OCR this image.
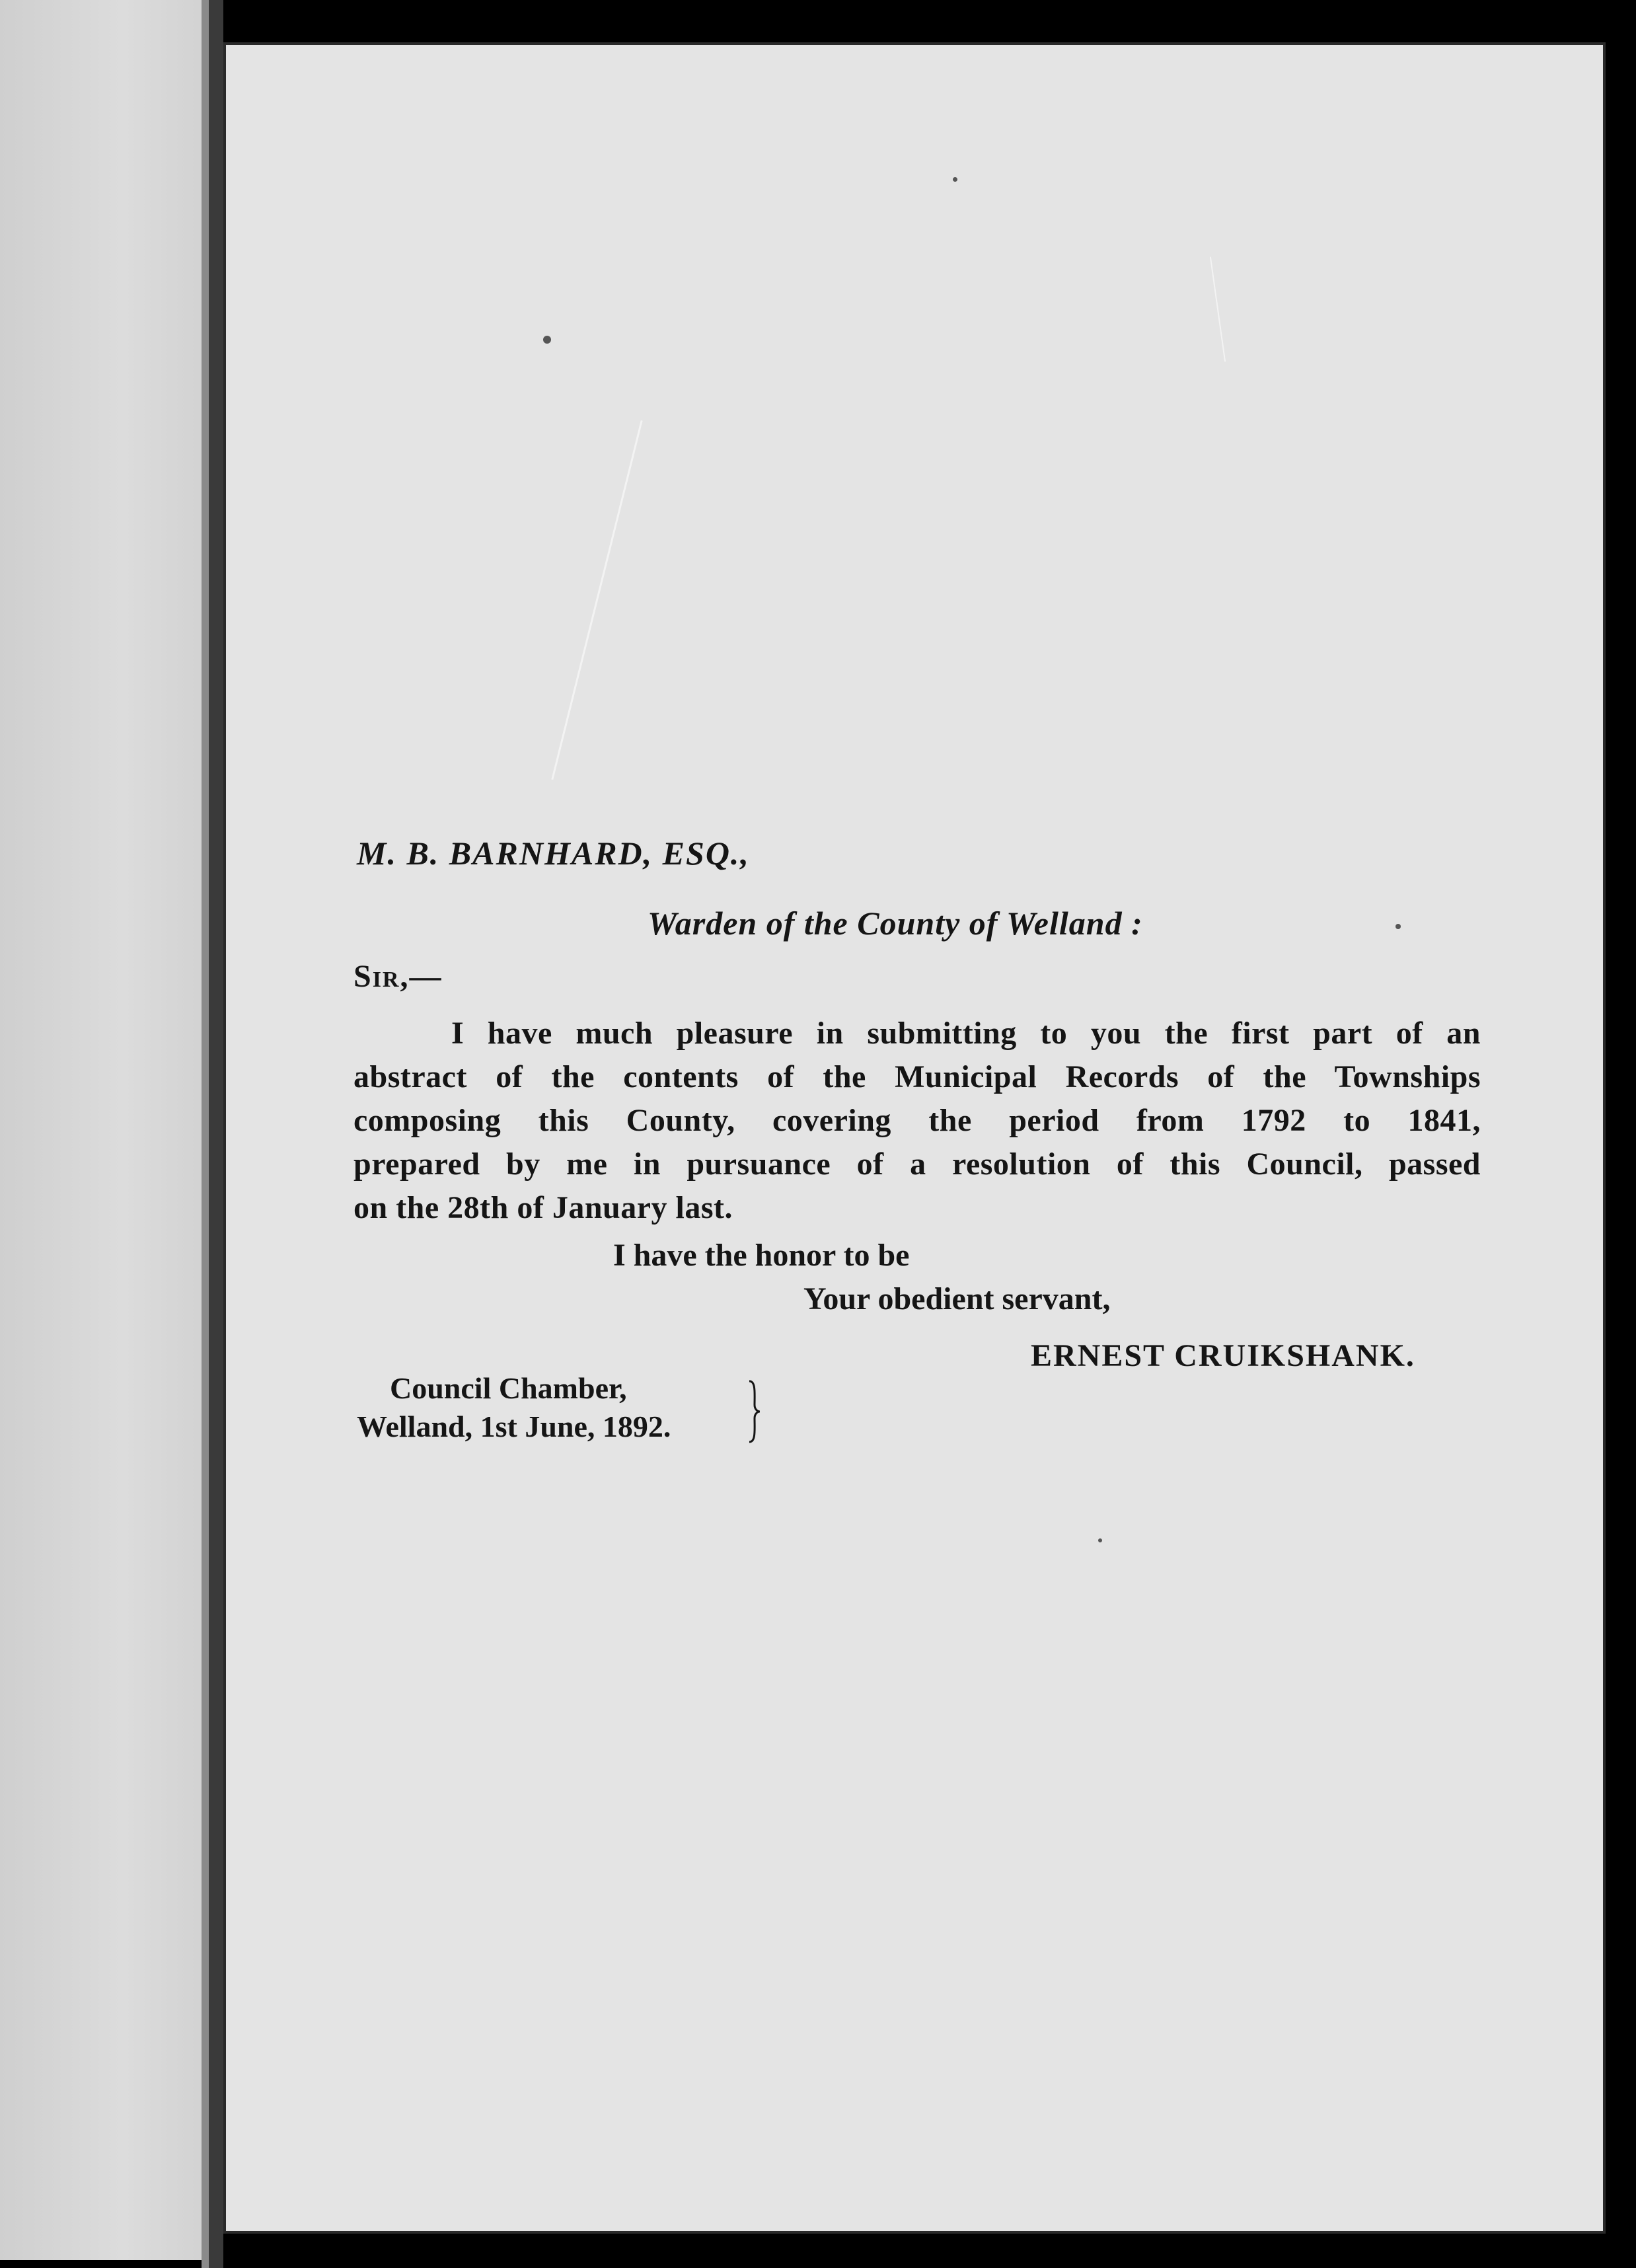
M. B. BARNHARD, ESQ.,
Warden of the County of Welland :
Sir,—
I have much pleasure in submitting to you the first part of an
abstract of the contents of the Municipal Records of the Townships
composing this County, covering the period from 1792 to 1841,
prepared by me in pursuance of a resolution of this Council, passed
on the 28th of January last.
I have the honor to be
Your obedient servant,
ERNEST CRUIKSHANK.
Council Chamber,
Welland, 1st June, 1892.
